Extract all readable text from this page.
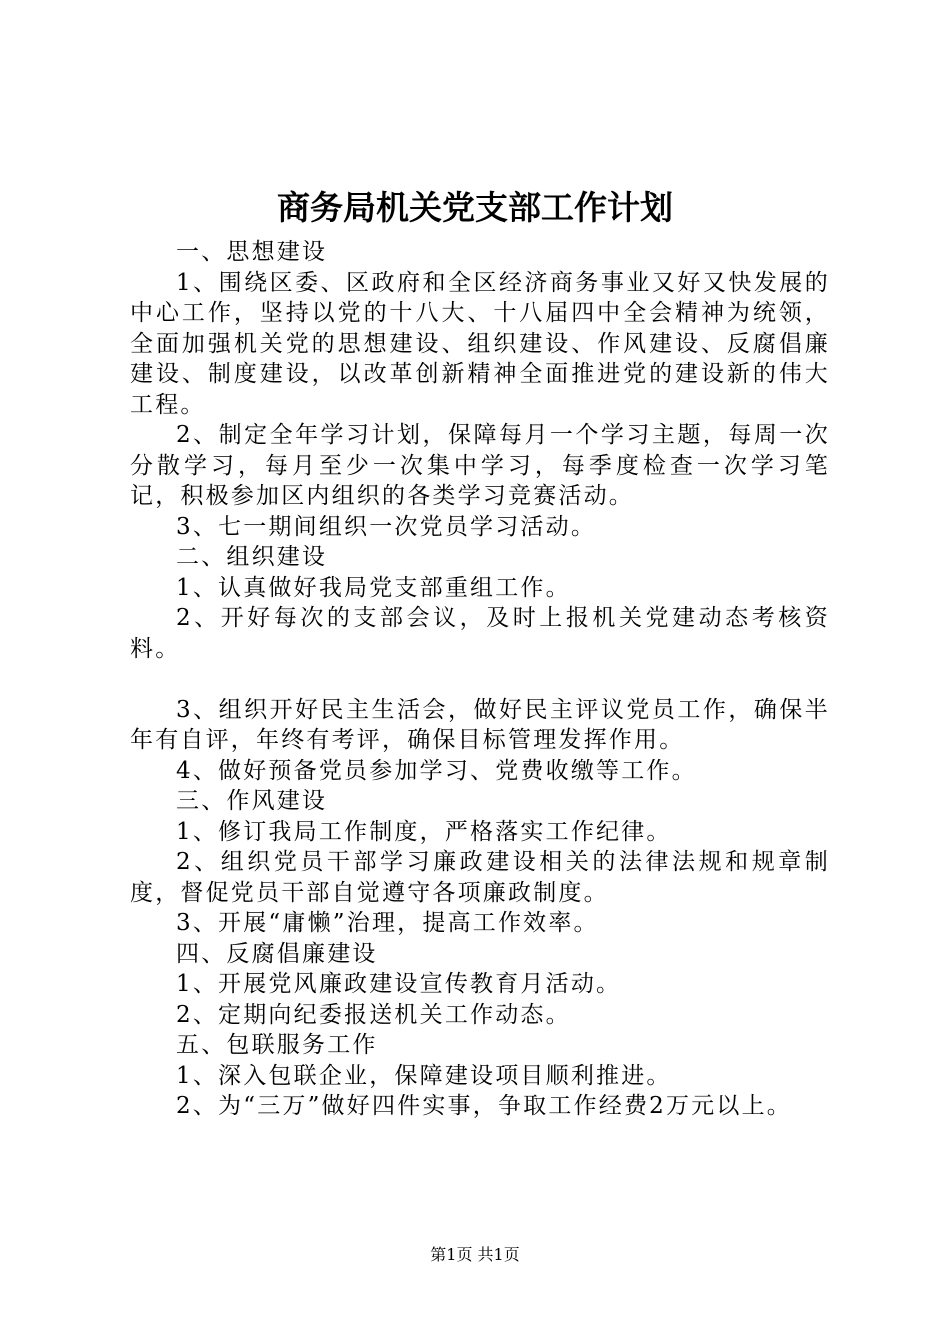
商务局机关党支部工作计划

一、思想建设

1、围绕区委、区政府和全区经济商务事业又好又快发展的中心工作，坚持以党的十八大、十八届四中全会精神为统领，全面加强机关党的思想建设、组织建设、作风建设、反腐倡廉建设、制度建设，以改革创新精神全面推进党的建设新的伟大工程。

2、制定全年学习计划，保障每月一个学习主题，每周一次分散学习，每月至少一次集中学习，每季度检查一次学习笔记，积极参加区内组织的各类学习竞赛活动。

3、七一期间组织一次党员学习活动。

二、组织建设

1、认真做好我局党支部重组工作。

2、开好每次的支部会议，及时上报机关党建动态考核资料。

3、组织开好民主生活会，做好民主评议党员工作，确保半年有自评，年终有考评，确保目标管理发挥作用。

4、做好预备党员参加学习、党费收缴等工作。

三、作风建设

1、修订我局工作制度，严格落实工作纪律。

2、组织党员干部学习廉政建设相关的法律法规和规章制度，督促党员干部自觉遵守各项廉政制度。

3、开展“庸懒”治理，提高工作效率。

四、反腐倡廉建设

1、开展党风廉政建设宣传教育月活动。

2、定期向纪委报送机关工作动态。

五、包联服务工作

1、深入包联企业，保障建设项目顺利推进。

2、为“三万”做好四件实事，争取工作经费2万元以上。

第1页 共1页
